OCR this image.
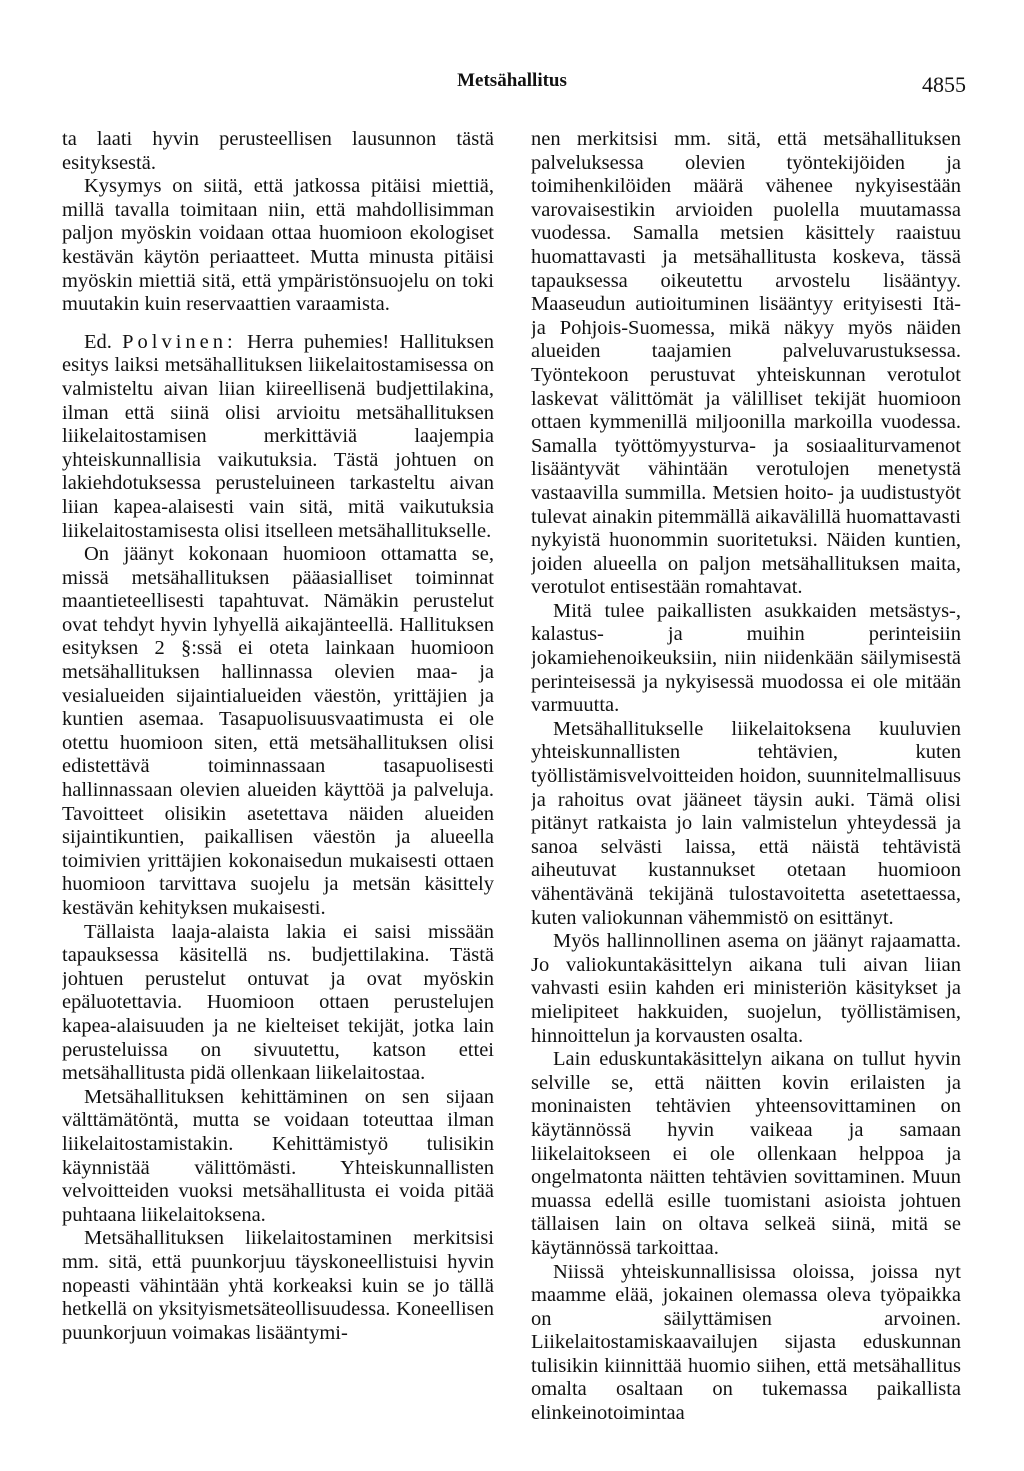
Metsähallitus	4855

ta laati hyvin perusteellisen lausunnon tästä esityksestä.

Kysymys on siitä, että jatkossa pitäisi miettiä, millä tavalla toimitaan niin, että mahdollisimman paljon myöskin voidaan ottaa huomioon ekologiset kestävän käytön periaatteet. Mutta minusta pitäisi myöskin miettiä sitä, että ympäristönsuojelu on toki muutakin kuin reservaattien varaamista.

Ed. Polvinen: Herra puhemies! Hallituksen esitys laiksi metsähallituksen liikelaitostamisessa on valmisteltu aivan liian kiireellisenä budjettilakina, ilman että siinä olisi arvioitu metsähallituksen liikelaitostamisen merkittäviä laajempia yhteiskunnallisia vaikutuksia. Tästä johtuen on lakiehdotuksessa perusteluineen tarkasteltu aivan liian kapea-alaisesti vain sitä, mitä vaikutuksia liikelaitostamisesta olisi itselleen metsähallitukselle.

On jäänyt kokonaan huomioon ottamatta se, missä metsähallituksen pääasialliset toiminnat maantieteellisesti tapahtuvat. Nämäkin perustelut ovat tehdyt hyvin lyhyellä aikajänteellä. Hallituksen esityksen 2 §:ssä ei oteta lainkaan huomioon metsähallituksen hallinnassa olevien maa- ja vesialueiden sijaintialueiden väestön, yrittäjien ja kuntien asemaa. Tasapuolisuusvaatimusta ei ole otettu huomioon siten, että metsähallituksen olisi edistettävä toiminnassaan tasapuolisesti hallinnassaan olevien alueiden käyttöä ja palveluja. Tavoitteet olisikin asetettava näiden alueiden sijaintikuntien, paikallisen väestön ja alueella toimivien yrittäjien kokonaisedun mukaisesti ottaen huomioon tarvittava suojelu ja metsän käsittely kestävän kehityksen mukaisesti.

Tällaista laaja-alaista lakia ei saisi missään tapauksessa käsitellä ns. budjettilakina. Tästä johtuen perustelut ontuvat ja ovat myöskin epäluotettavia. Huomioon ottaen perustelujen kapea-alaisuuden ja ne kielteiset tekijät, jotka lain perusteluissa on sivuutettu, katson ettei metsähallitusta pidä ollenkaan liikelaitostaa.

Metsähallituksen kehittäminen on sen sijaan välttämätöntä, mutta se voidaan toteuttaa ilman liikelaitostamistakin. Kehittämistyö tulisikin käynnistää välittömästi. Yhteiskunnallisten velvoitteiden vuoksi metsähallitusta ei voida pitää puhtaana liikelaitoksena.

Metsähallituksen liikelaitostaminen merkitsisi mm. sitä, että puunkorjuu täyskoneellistuisi hyvin nopeasti vähintään yhtä korkeaksi kuin se jo tällä hetkellä on yksityismetsäteollisuudessa. Koneellisen puunkorjuun voimakas lisääntymi-

nen merkitsisi mm. sitä, että metsähallituksen palveluksessa olevien työntekijöiden ja toimihenkilöiden määrä vähenee nykyisestään varovaisestikin arvioiden puolella muutamassa vuodessa. Samalla metsien käsittely raaistuu huomattavasti ja metsähallitusta koskeva, tässä tapauksessa oikeutettu arvostelu lisääntyy. Maaseudun autioituminen lisääntyy erityisesti Itä- ja Pohjois-Suomessa, mikä näkyy myös näiden alueiden taajamien palveluvarustuksessa. Työntekoon perustuvat yhteiskunnan verotulot laskevat välittömät ja välilliset tekijät huomioon ottaen kymmenillä miljoonilla markoilla vuodessa. Samalla työttömyysturva- ja sosiaaliturvamenot lisääntyvät vähintään verotulojen menetystä vastaavilla summilla. Metsien hoito- ja uudistustyöt tulevat ainakin pitemmällä aikavälillä huomattavasti nykyistä huonommin suoritetuksi. Näiden kuntien, joiden alueella on paljon metsähallituksen maita, verotulot entisestään romahtavat.

Mitä tulee paikallisten asukkaiden metsästys-, kalastus- ja muihin perinteisiin jokamiehenoikeuksiin, niin niidenkään säilymisestä perinteisessä ja nykyisessä muodossa ei ole mitään varmuutta.

Metsähallitukselle liikelaitoksena kuuluvien yhteiskunnallisten tehtävien, kuten työllistämisvelvoitteiden hoidon, suunnitelmallisuus ja rahoitus ovat jääneet täysin auki. Tämä olisi pitänyt ratkaista jo lain valmistelun yhteydessä ja sanoa selvästi laissa, että näistä tehtävistä aiheutuvat kustannukset otetaan huomioon vähentävänä tekijänä tulostavoitetta asetettaessa, kuten valiokunnan vähemmistö on esittänyt.

Myös hallinnollinen asema on jäänyt rajaamatta. Jo valiokuntakäsittelyn aikana tuli aivan liian vahvasti esiin kahden eri ministeriön käsitykset ja mielipiteet hakkuiden, suojelun, työllistämisen, hinnoittelun ja korvausten osalta.

Lain eduskuntakäsittelyn aikana on tullut hyvin selville se, että näitten kovin erilaisten ja moninaisten tehtävien yhteensovittaminen on käytännössä hyvin vaikeaa ja samaan liikelaitokseen ei ole ollenkaan helppoa ja ongelmatonta näitten tehtävien sovittaminen. Muun muassa edellä esille tuomistani asioista johtuen tällaisen lain on oltava selkeä siinä, mitä se käytännössä tarkoittaa.

Niissä yhteiskunnallisissa oloissa, joissa nyt maamme elää, jokainen olemassa oleva työpaikka on säilyttämisen arvoinen. Liikelaitostamiskaavailujen sijasta eduskunnan tulisikin kiinnittää huomio siihen, että metsähallitus omalta osaltaan on tukemassa paikallista elinkeinotoimintaa
